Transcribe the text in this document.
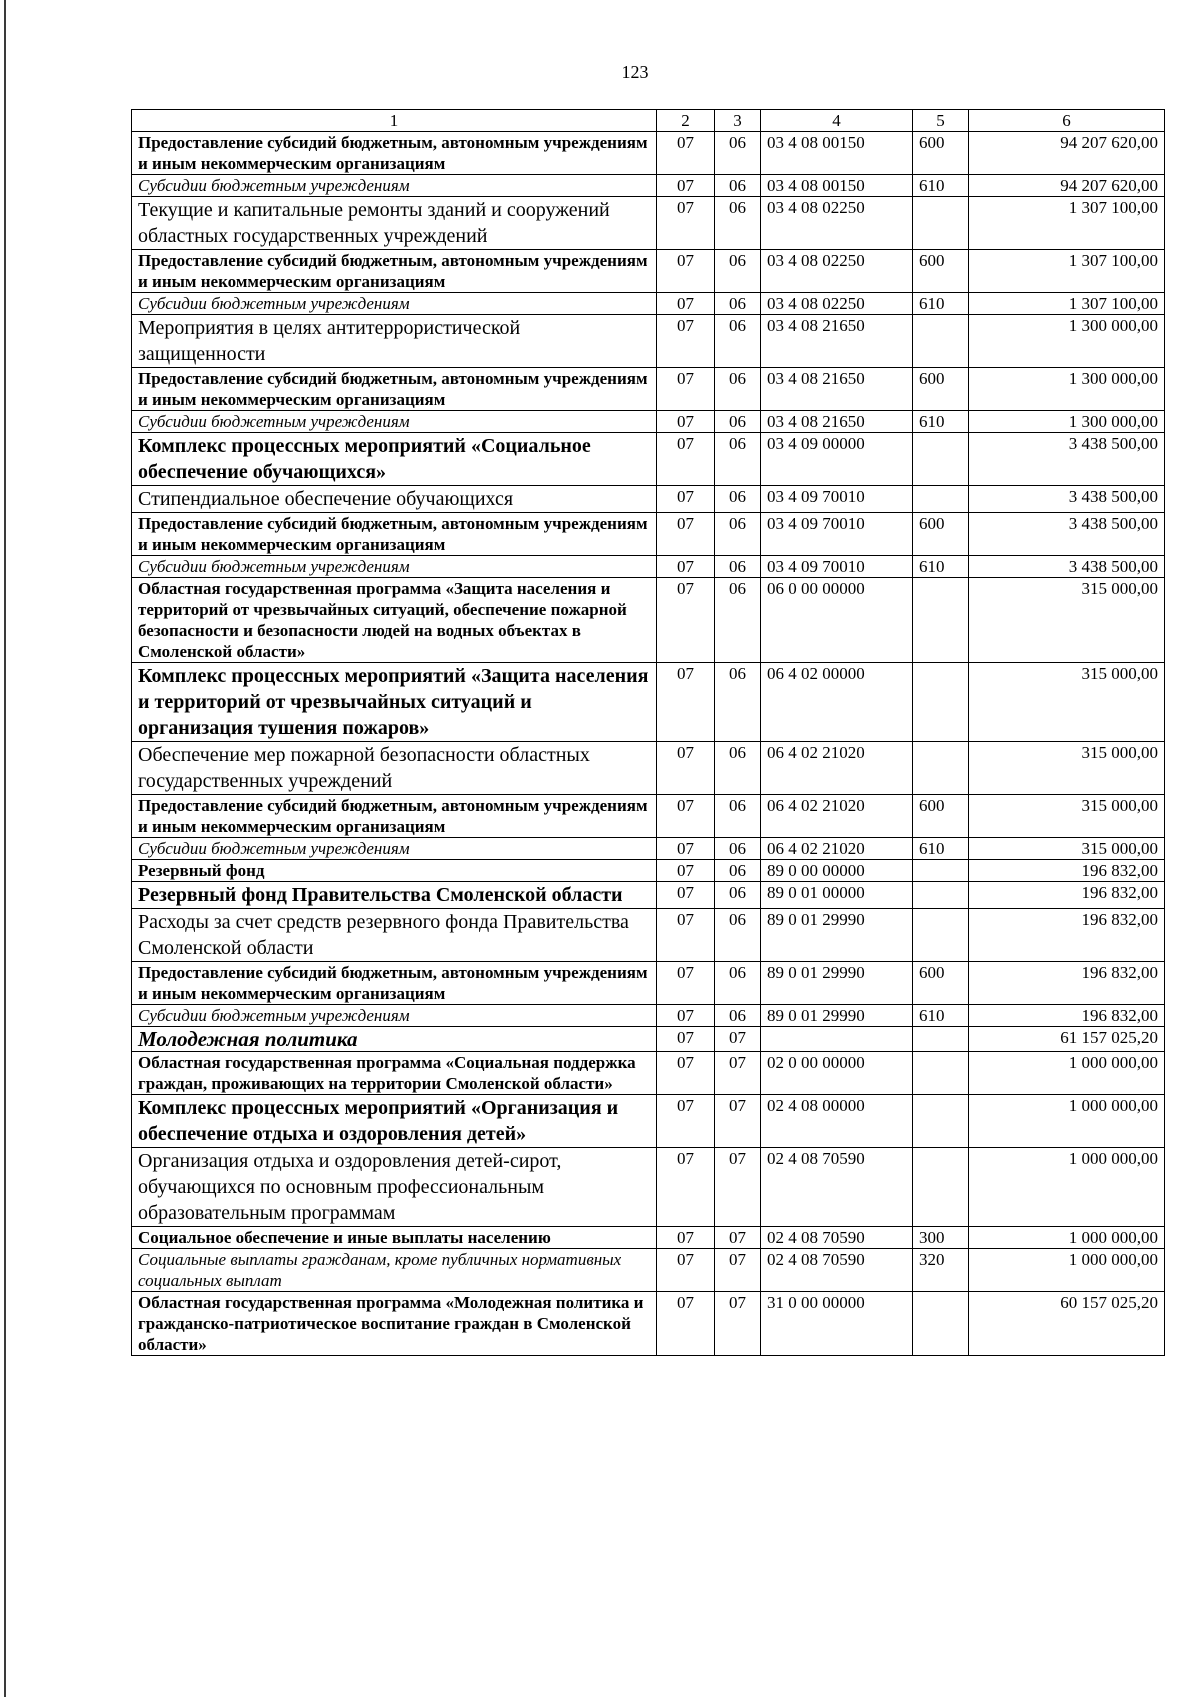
123
1	2	3	4	5	6
Предоставление субсидий бюджетным, автономным учреждениям и иным некоммерческим организациям	07	06	03 4 08 00150	600	94 207 620,00
Субсидии бюджетным учреждениям	07	06	03 4 08 00150	610	94 207 620,00
Текущие и капитальные ремонты зданий и сооружений областных государственных учреждений	07	06	03 4 08 02250		1 307 100,00
Предоставление субсидий бюджетным, автономным учреждениям и иным некоммерческим организациям	07	06	03 4 08 02250	600	1 307 100,00
Субсидии бюджетным учреждениям	07	06	03 4 08 02250	610	1 307 100,00
Мероприятия в целях антитеррористической защищенности	07	06	03 4 08 21650		1 300 000,00
Предоставление субсидий бюджетным, автономным учреждениям и иным некоммерческим организациям	07	06	03 4 08 21650	600	1 300 000,00
Субсидии бюджетным учреждениям	07	06	03 4 08 21650	610	1 300 000,00
Комплекс процессных мероприятий «Социальное обеспечение обучающихся»	07	06	03 4 09 00000		3 438 500,00
Стипендиальное обеспечение обучающихся	07	06	03 4 09 70010		3 438 500,00
Предоставление субсидий бюджетным, автономным учреждениям и иным некоммерческим организациям	07	06	03 4 09 70010	600	3 438 500,00
Субсидии бюджетным учреждениям	07	06	03 4 09 70010	610	3 438 500,00
Областная государственная программа «Защита населения и территорий от чрезвычайных ситуаций, обеспечение пожарной безопасности и безопасности людей на водных объектах в Смоленской области»	07	06	06 0 00 00000		315 000,00
Комплекс процессных мероприятий «Защита населения и территорий от чрезвычайных ситуаций и организация тушения пожаров»	07	06	06 4 02 00000		315 000,00
Обеспечение мер пожарной безопасности областных государственных учреждений	07	06	06 4 02 21020		315 000,00
Предоставление субсидий бюджетным, автономным учреждениям и иным некоммерческим организациям	07	06	06 4 02 21020	600	315 000,00
Субсидии бюджетным учреждениям	07	06	06 4 02 21020	610	315 000,00
Резервный фонд	07	06	89 0 00 00000		196 832,00
Резервный фонд Правительства Смоленской области	07	06	89 0 01 00000		196 832,00
Расходы за счет средств резервного фонда Правительства Смоленской области	07	06	89 0 01 29990		196 832,00
Предоставление субсидий бюджетным, автономным учреждениям и иным некоммерческим организациям	07	06	89 0 01 29990	600	196 832,00
Субсидии бюджетным учреждениям	07	06	89 0 01 29990	610	196 832,00
Молодежная политика	07	07			61 157 025,20
Областная государственная программа «Социальная поддержка граждан, проживающих на территории Смоленской области»	07	07	02 0 00 00000		1 000 000,00
Комплекс процессных мероприятий «Организация и обеспечение отдыха и оздоровления детей»	07	07	02 4 08 00000		1 000 000,00
Организация отдыха и оздоровления детей-сирот, обучающихся по основным профессиональным образовательным программам	07	07	02 4 08 70590		1 000 000,00
Социальное обеспечение и иные выплаты населению	07	07	02 4 08 70590	300	1 000 000,00
Социальные выплаты гражданам, кроме публичных нормативных социальных выплат	07	07	02 4 08 70590	320	1 000 000,00
Областная государственная программа «Молодежная политика и гражданско-патриотическое воспитание граждан в Смоленской области»	07	07	31 0 00 00000		60 157 025,20
